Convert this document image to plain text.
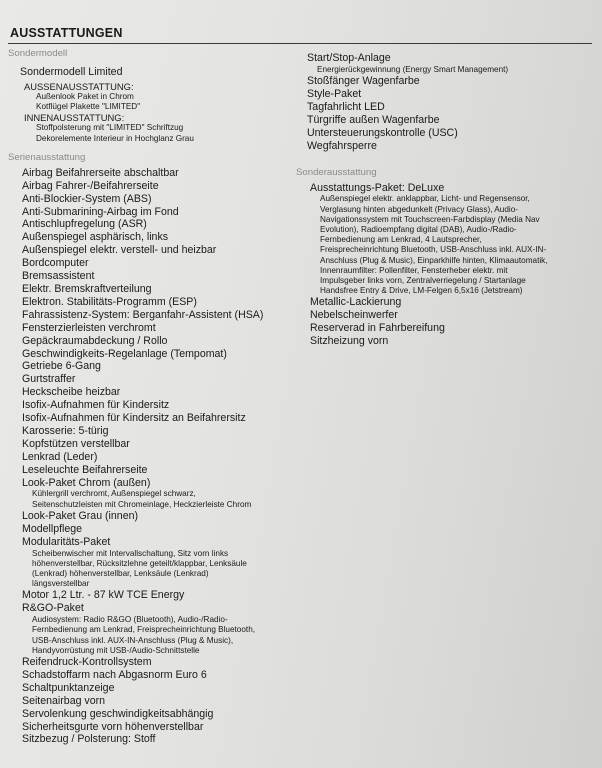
AUSSTATTUNGEN
Sondermodell
Sondermodell Limited
AUSSENAUSSTATTUNG:
Außenlook Paket in Chrom
Kotflügel Plakette "LIMITED"
INNENAUSSTATTUNG:
Stoffpolsterung mit "LIMITED" Schriftzug
Dekorelemente Interieur in Hochglanz Grau
Serienausstattung
Airbag Beifahrerseite abschaltbar
Airbag Fahrer-/Beifahrerseite
Anti-Blockier-System (ABS)
Anti-Submarining-Airbag im Fond
Antischlupfregelung (ASR)
Außenspiegel asphärisch, links
Außenspiegel elektr. verstell- und heizbar
Bordcomputer
Bremsassistent
Elektr. Bremskraftverteilung
Elektron. Stabilitäts-Programm (ESP)
Fahrassistenz-System: Berganfahr-Assistent (HSA)
Fensterzierleisten verchromt
Gepäckraumabdeckung / Rollo
Geschwindigkeits-Regelanlage (Tempomat)
Getriebe 6-Gang
Gurtstraffer
Heckscheibe heizbar
Isofix-Aufnahmen für Kindersitz
Isofix-Aufnahmen für Kindersitz an Beifahrersitz
Karosserie: 5-türig
Kopfstützen verstellbar
Lenkrad (Leder)
Leseleuchte Beifahrerseite
Look-Paket Chrom (außen)
Kühlergrill verchromt, Außenspiegel schwarz,
Seitenschutzleisten mit Chromeinlage, Heckzierleiste Chrom
Look-Paket Grau (innen)
Modellpflege
Modularitäts-Paket
Scheibenwischer mit Intervallschaltung, Sitz vorn links
höhenverstellbar, Rücksitzlehne geteilt/klappbar, Lenksäule
(Lenkrad) höhenverstellbar, Lenksäule (Lenkrad)
längsverstellbar
Motor 1,2 Ltr. - 87 kW TCE Energy
R&GO-Paket
Audiosystem: Radio R&GO (Bluetooth), Audio-/Radio-
Fernbedienung am Lenkrad, Freisprecheinrichtung Bluetooth,
USB-Anschluss inkl. AUX-IN-Anschluss (Plug & Music),
Handyvorrüstung mit USB-/Audio-Schnittstelle
Reifendruck-Kontrollsystem
Schadstoffarm nach Abgasnorm Euro 6
Schaltpunktanzeige
Seitenairbag vorn
Servolenkung geschwindigkeitsabhängig
Sicherheitsgurte vorn höhenverstellbar
Sitzbezug / Polsterung: Stoff
Start/Stop-Anlage
Energierückgewinnung (Energy Smart Management)
Stoßfänger Wagenfarbe
Style-Paket
Tagfahrlicht LED
Türgriffe außen Wagenfarbe
Untersteuerungskontrolle (USC)
Wegfahrsperre
Sonderausstattung
Ausstattungs-Paket: DeLuxe
Außenspiegel elektr. anklappbar, Licht- und Regensensor,
Verglasung hinten abgedunkelt (Privacy Glass), Audio-
Navigationssystem mit Touchscreen-Farbdisplay (Media Nav
Evolution), Radioempfang digital (DAB), Audio-/Radio-
Fernbedienung am Lenkrad, 4 Lautsprecher,
Freisprecheinrichtung Bluetooth, USB-Anschluss inkl. AUX-IN-
Anschluss (Plug & Music), Einparkhilfe hinten, Klimaautomatik,
Innenraumfilter: Pollenfilter, Fensterheber elektr. mit
Impulsgeber links vorn, Zentralverriegelung / Startanlage
Handsfree Entry & Drive, LM-Felgen 6,5x16 (Jetstream)
Metallic-Lackierung
Nebelscheinwerfer
Reserverad in Fahrbereifung
Sitzheizung vorn
